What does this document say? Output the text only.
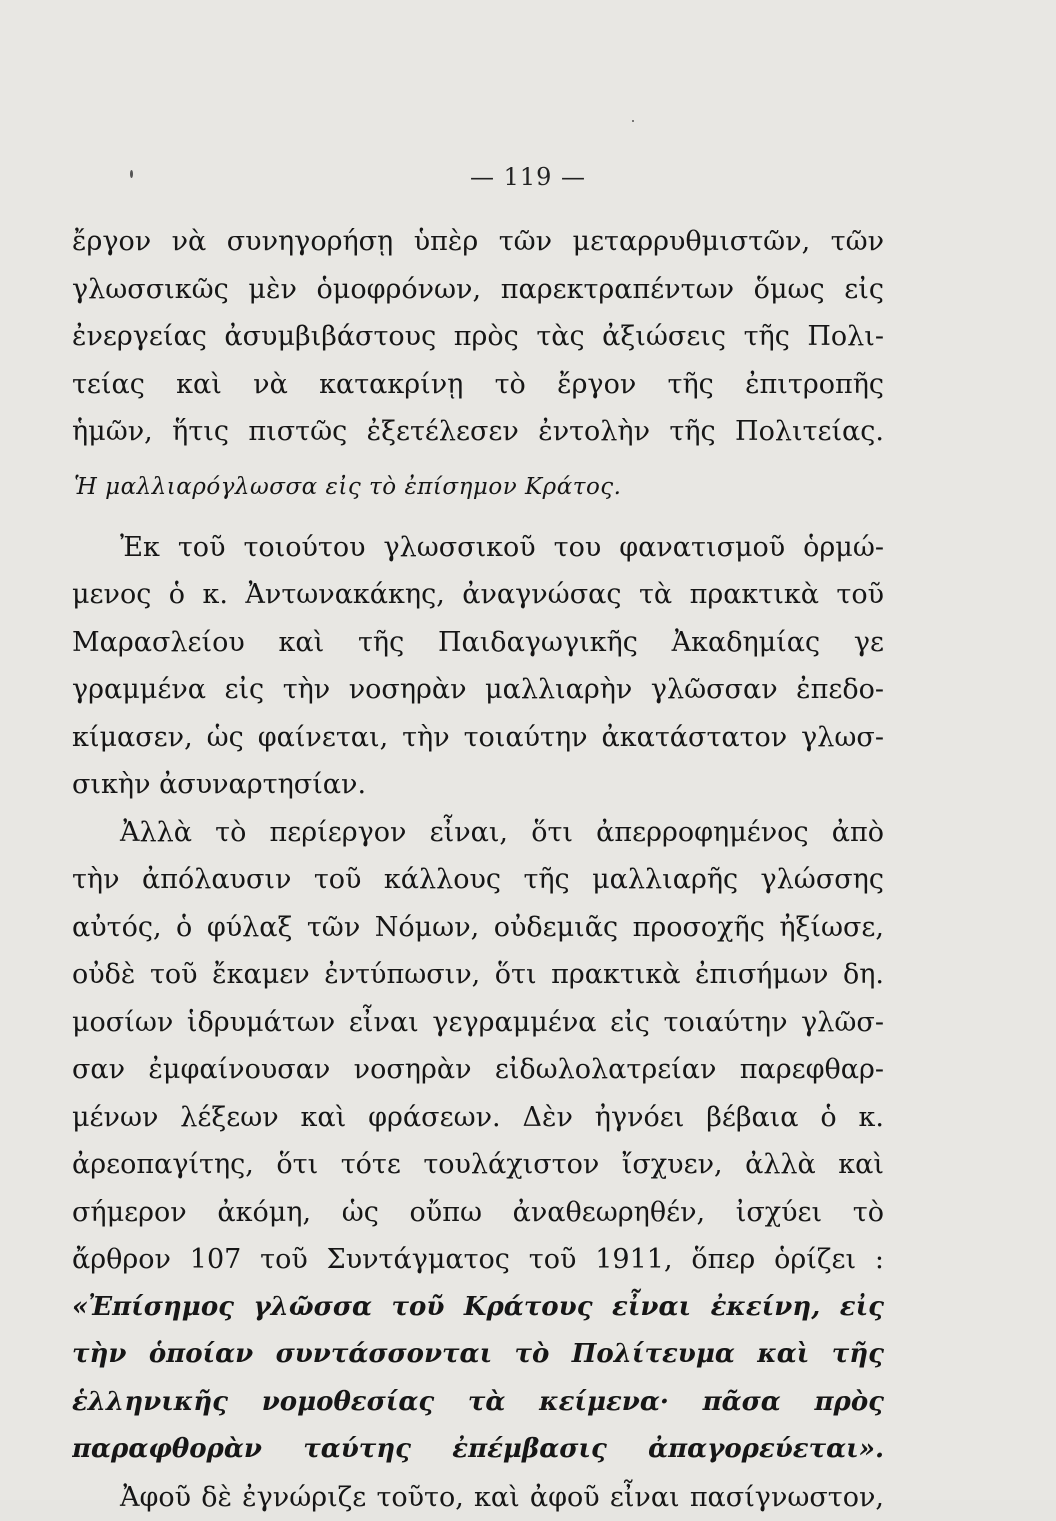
— 119 —
ἔργον νὰ συνηγορήσῃ ὑπὲρ τῶν μεταρρυθμιστῶν, τῶν
γλωσσικῶς μὲν ὁμοφρόνων, παρεκτραπέντων ὅμως εἰς
ἐνεργείας ἀσυμβιβάστους πρὸς τὰς ἀξιώσεις τῆς Πολι-
τείας καὶ νὰ κατακρίνῃ τὸ ἔργον τῆς ἐπιτροπῆς
ἡμῶν, ἥτις πιστῶς ἐξετέλεσεν ἐντολὴν τῆς Πολιτείας.
Ἡ μαλλιαρόγλωσσα εἰς τὸ ἐπίσημον Κράτος.
Ἐκ τοῦ τοιούτου γλωσσικοῦ του φανατισμοῦ ὁρμώ-
μενος ὁ κ. Ἀντωνακάκης, ἀναγνώσας τὰ πρακτικὰ τοῦ
Μαρασλείου καὶ τῆς Παιδαγωγικῆς Ἀκαδημίας γε
γραμμένα εἰς τὴν νοσηρὰν μαλλιαρὴν γλῶσσαν ἐπεδο-
κίμασεν, ὡς φαίνεται, τὴν τοιαύτην ἀκατάστατον γλωσ-
σικὴν ἀσυναρτησίαν.
Ἀλλὰ τὸ περίεργον εἶναι, ὅτι ἀπερροφημένος ἀπὸ
τὴν ἀπόλαυσιν τοῦ κάλλους τῆς μαλλιαρῆς γλώσσης
αὐτός, ὁ φύλαξ τῶν Νόμων, οὐδεμιᾶς προσοχῆς ἠξίωσε,
οὐδὲ τοῦ ἔκαμεν ἐντύπωσιν, ὅτι πρακτικὰ ἐπισήμων δη.
μοσίων ἱδρυμάτων εἶναι γεγραμμένα εἰς τοιαύτην γλῶσ-
σαν ἐμφαίνουσαν νοσηρὰν εἰδωλολατρείαν παρεφθαρ-
μένων λέξεων καὶ φράσεων. Δὲν ἠγνόει βέβαια ὁ κ.
ἀρεοπαγίτης, ὅτι τότε τουλάχιστον ἴσχυεν, ἀλλὰ καὶ
σήμερον ἀκόμη, ὡς οὔπω ἀναθεωρηθέν, ἰσχύει τὸ
ἄρθρον 107 τοῦ Συντάγματος τοῦ 1911, ὅπερ ὁρίζει :
«Ἐπίσημος γλῶσσα τοῦ Κράτους εἶναι ἐκείνη, εἰς
τὴν ὁποίαν συντάσσονται τὸ Πολίτευμα καὶ τῆς
ἑλληνικῆς νομοθεσίας τὰ κείμενα· πᾶσα πρὸς
παραφθορὰν ταύτης ἐπέμβασις ἀπαγορεύεται».
Ἀφοῦ δὲ ἐγνώριζε τοῦτο, καὶ ἀφοῦ εἶναι πασίγνωστον,
